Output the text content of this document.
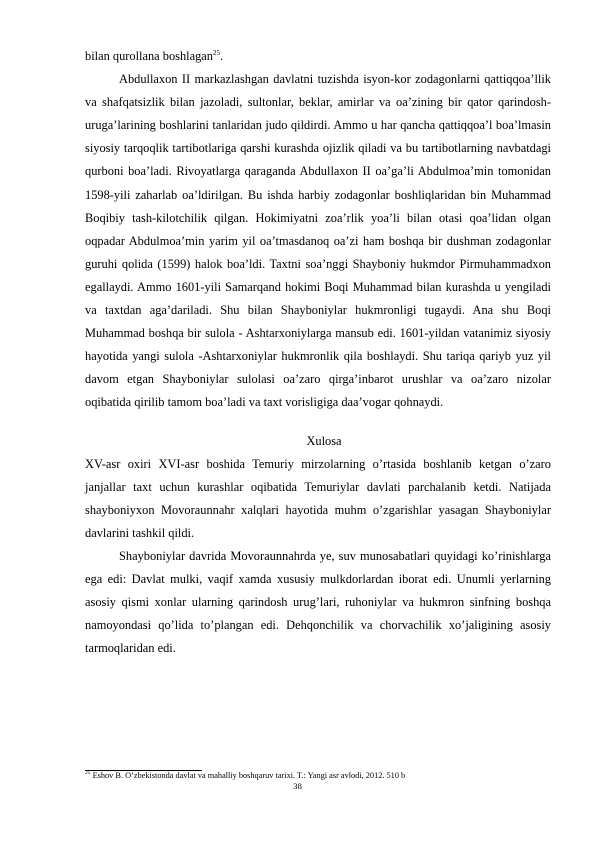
bilan qurollana boshlagan$^{25}$.

Abdullaxon II markazlashgan davlatni tuzishda isyon-kor zodagonlarni qattiqqoa’llik va shafqatsizlik bilan jazoladi, sultonlar, beklar, amirlar va oa’zining bir qator qarindosh-uruga’larining boshlarini tanlaridan judo qildirdi. Ammo u har qancha qattiqqoa’l boa’lmasin siyosiy tarqoqlik tartibotlariga qarshi kurashda ojizlik qiladi va bu tartibotlarning navbatdagi qurboni boa’ladi. Rivoyatlarga qaraganda Abdullaxon II oa’ga’li Abdulmoa’min tomonidan 1598-yili zaharlab oa’ldirilgan. Bu ishda harbiy zodagonlar boshliqlaridan bin Muhammad Boqibiy tash-kilotchilik qilgan. Hokimiyatni zoa’rlik yoa’li bilan otasi qoa’lidan olgan oqpadar Abdulmoa’min yarim yil oa’tmasdanoq oa’zi ham boshqa bir dushman zodagonlar guruhi qolida (1599) halok boa’ldi. Taxtni soa’nggi Shayboniy hukmdor Pirmuhammadxon egallaydi. Ammo 1601-yili Samarqand hokimi Boqi Muhammad bilan kurashda u yengiladi va taxtdan aga’dariladi. Shu bilan Shayboniylar hukmronligi tugaydi. Ana shu Boqi Muhammad boshqa bir sulola - Ashtarxoniylarga mansub edi. 1601-yildan vatanimiz siyosiy hayotida yangi sulola -Ashtarxoniylar hukmronlik qila boshlaydi. Shu tariqa qariyb yuz yil davom etgan Shayboniylar sulolasi oa’zaro qirga’inbarot urushlar va oa’zaro nizolar oqibatida qirilib tamom boa’ladi va taxt vorisligiga daa’vogar qohnaydi.

Xulosa

XV-asr oxiri XVI-asr boshida Temuriy mirzolarning o’rtasida boshlanib ketgan o’zaro janjallar taxt uchun kurashlar oqibatida Temuriylar davlati parchalanib ketdi. Natijada shayboniyxon Movoraunnahr xalqlari hayotida muhm o’zgarishlar yasagan Shayboniylar davlarini tashkil qildi.

Shayboniylar davrida Movoraunnahrda ye, suv munosabatlari quyidagi ko’rinishlarga ega edi: Davlat mulki, vaqif xamda xususiy mulkdorlardan iborat edi. Unumli yerlarning asosiy qismi xonlar ularning qarindosh urug’lari, ruhoniylar va hukmron sinfning boshqa namoyondasi qo’lida to’plangan edi. Dehqonchilik va chorvachilik xo’jaligining asosiy tarmoqlaridan edi.

$^{25}$ Eshov B. O’zbekistonda davlat va mahalliy boshqaruv tarixi. T.: Yangi asr avlodi, 2012. 510 b
38
